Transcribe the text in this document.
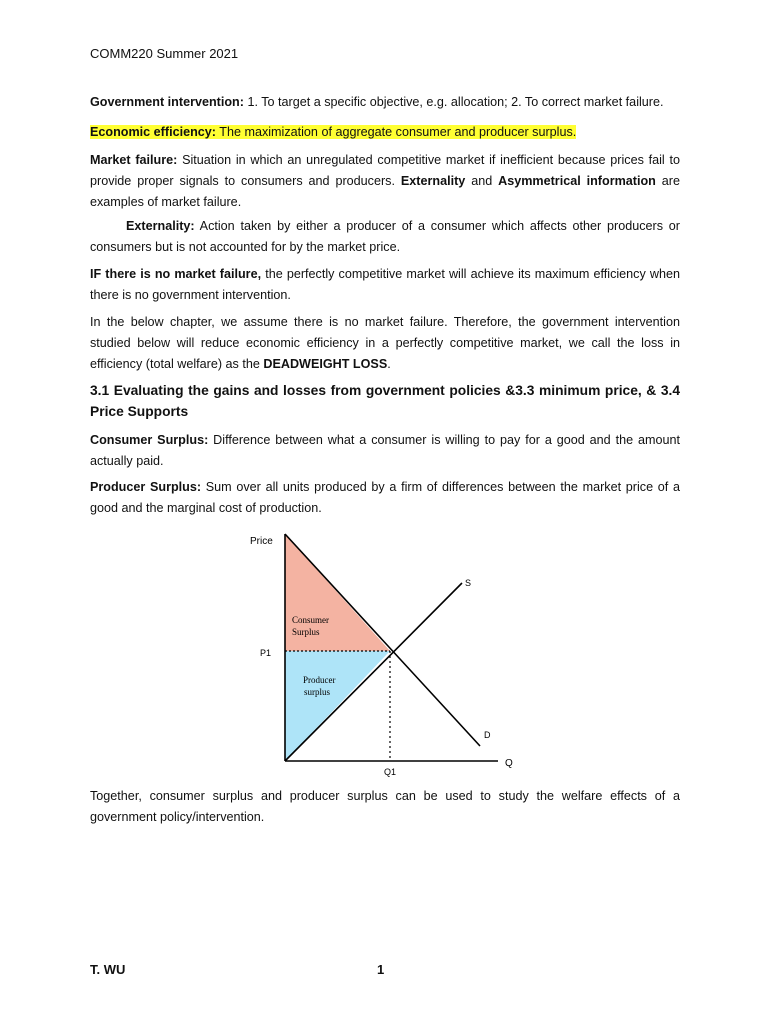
COMM220 Summer 2021
Government intervention: 1. To target a specific objective, e.g. allocation; 2. To correct market failure.
Economic efficiency: The maximization of aggregate consumer and producer surplus.
Market failure: Situation in which an unregulated competitive market if inefficient because prices fail to provide proper signals to consumers and producers. Externality and Asymmetrical information are examples of market failure.
Externality: Action taken by either a producer of a consumer which affects other producers or consumers but is not accounted for by the market price.
IF there is no market failure, the perfectly competitive market will achieve its maximum efficiency when there is no government intervention.
In the below chapter, we assume there is no market failure. Therefore, the government intervention studied below will reduce economic efficiency in a perfectly competitive market, we call the loss in efficiency (total welfare) as the DEADWEIGHT LOSS.
3.1 Evaluating the gains and losses from government policies &3.3 minimum price, & 3.4 Price Supports
Consumer Surplus: Difference between what a consumer is willing to pay for a good and the amount actually paid.
Producer Surplus: Sum over all units produced by a firm of differences between the market price of a good and the marginal cost of production.
Price
Q
P1
Q1
S
D
Consumer
Surplus
Producer
surplus
Together, consumer surplus and producer surplus can be used to study the welfare effects of a government policy/intervention.
T. WU	1
